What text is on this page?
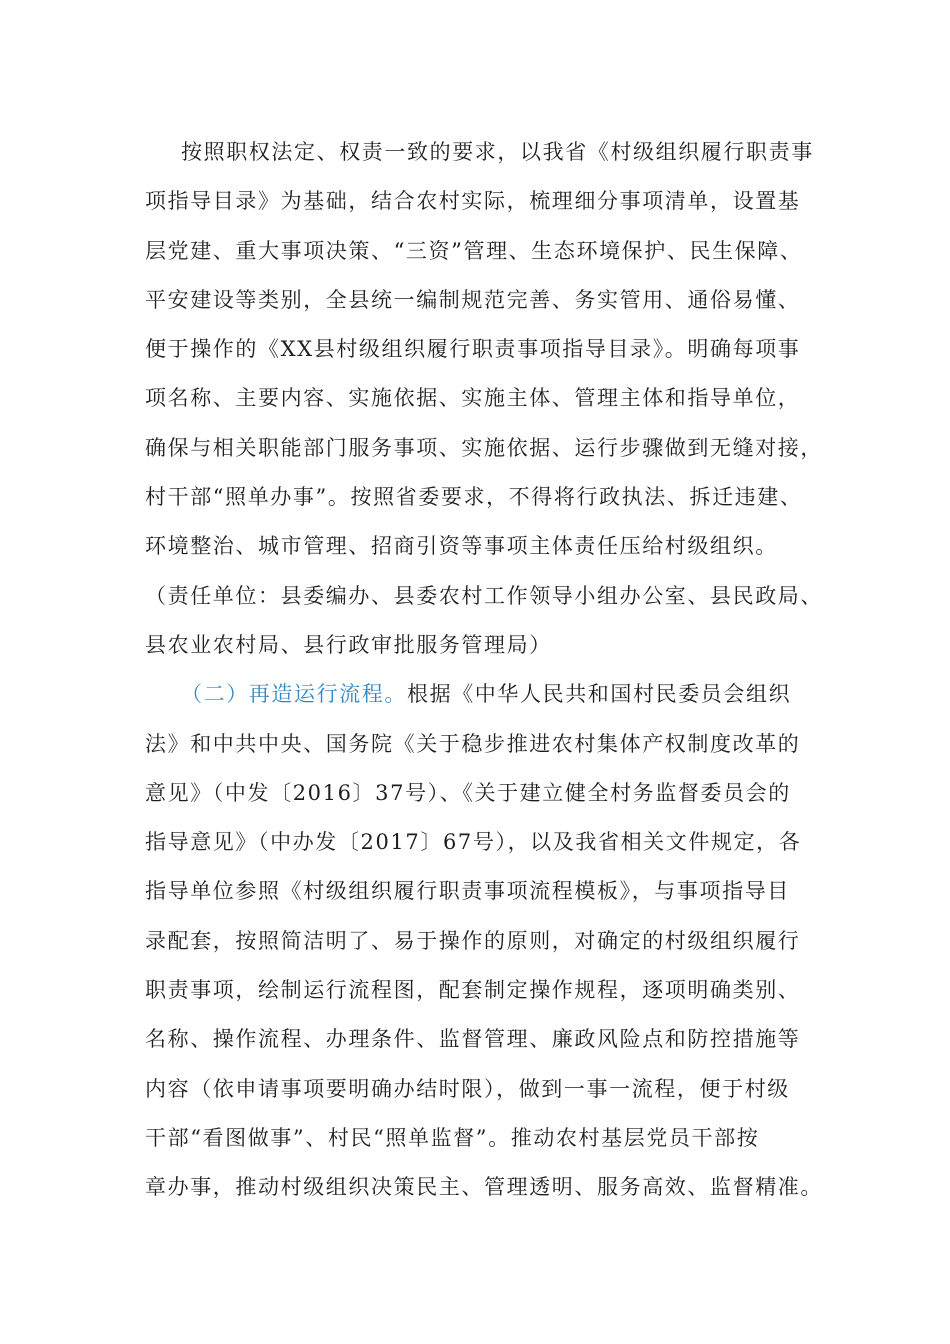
按照职权法定、权责一致的要求，以我省《村级组织履行职责事
项指导目录》为基础，结合农村实际，梳理细分事项清单，设置基
层党建、重大事项决策、“三资”管理、生态环境保护、民生保障、
平安建设等类别，全县统一编制规范完善、务实管用、通俗易懂、
便于操作的《XX县村级组织履行职责事项指导目录》。明确每项事
项名称、主要内容、实施依据、实施主体、管理主体和指导单位，
确保与相关职能部门服务事项、实施依据、运行步骤做到无缝对接，
村干部“照单办事”。按照省委要求，不得将行政执法、拆迁违建、
环境整治、城市管理、招商引资等事项主体责任压给村级组织。
（责任单位：县委编办、县委农村工作领导小组办公室、县民政局、
县农业农村局、县行政审批服务管理局）
（二）再造运行流程。根据《中华人民共和国村民委员会组织
法》和中共中央、国务院《关于稳步推进农村集体产权制度改革的
意见》（中发〔2016〕37号）、《关于建立健全村务监督委员会的
指导意见》（中办发〔2017〕67号），以及我省相关文件规定，各
指导单位参照《村级组织履行职责事项流程模板》，与事项指导目
录配套，按照简洁明了、易于操作的原则，对确定的村级组织履行
职责事项，绘制运行流程图，配套制定操作规程，逐项明确类别、
名称、操作流程、办理条件、监督管理、廉政风险点和防控措施等
内容（依申请事项要明确办结时限），做到一事一流程，便于村级
干部“看图做事”、村民“照单监督”。推动农村基层党员干部按
章办事，推动村级组织决策民主、管理透明、服务高效、监督精准。
